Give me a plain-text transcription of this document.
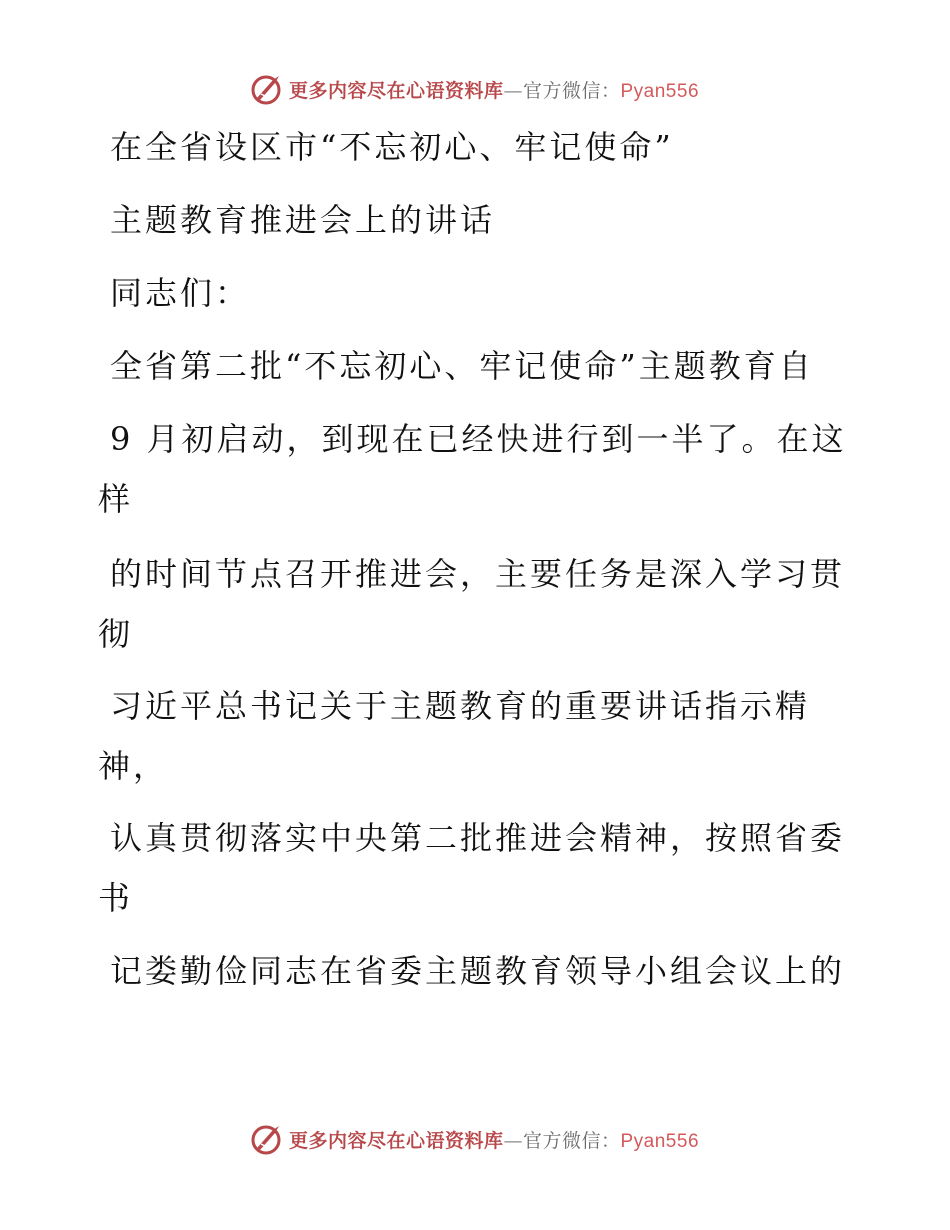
更多内容尽在心语资料库—官方微信：Pyan556
在全省设区市“不忘初心、牢记使命”
主题教育推进会上的讲话
同志们：
全省第二批“不忘初心、牢记使命”主题教育自
9 月初启动，到现在已经快进行到一半了。在这
样
的时间节点召开推进会，主要任务是深入学习贯
彻
习近平总书记关于主题教育的重要讲话指示精
神，
认真贯彻落实中央第二批推进会精神，按照省委
书
记娄勤俭同志在省委主题教育领导小组会议上的
更多内容尽在心语资料库—官方微信：Pyan556
